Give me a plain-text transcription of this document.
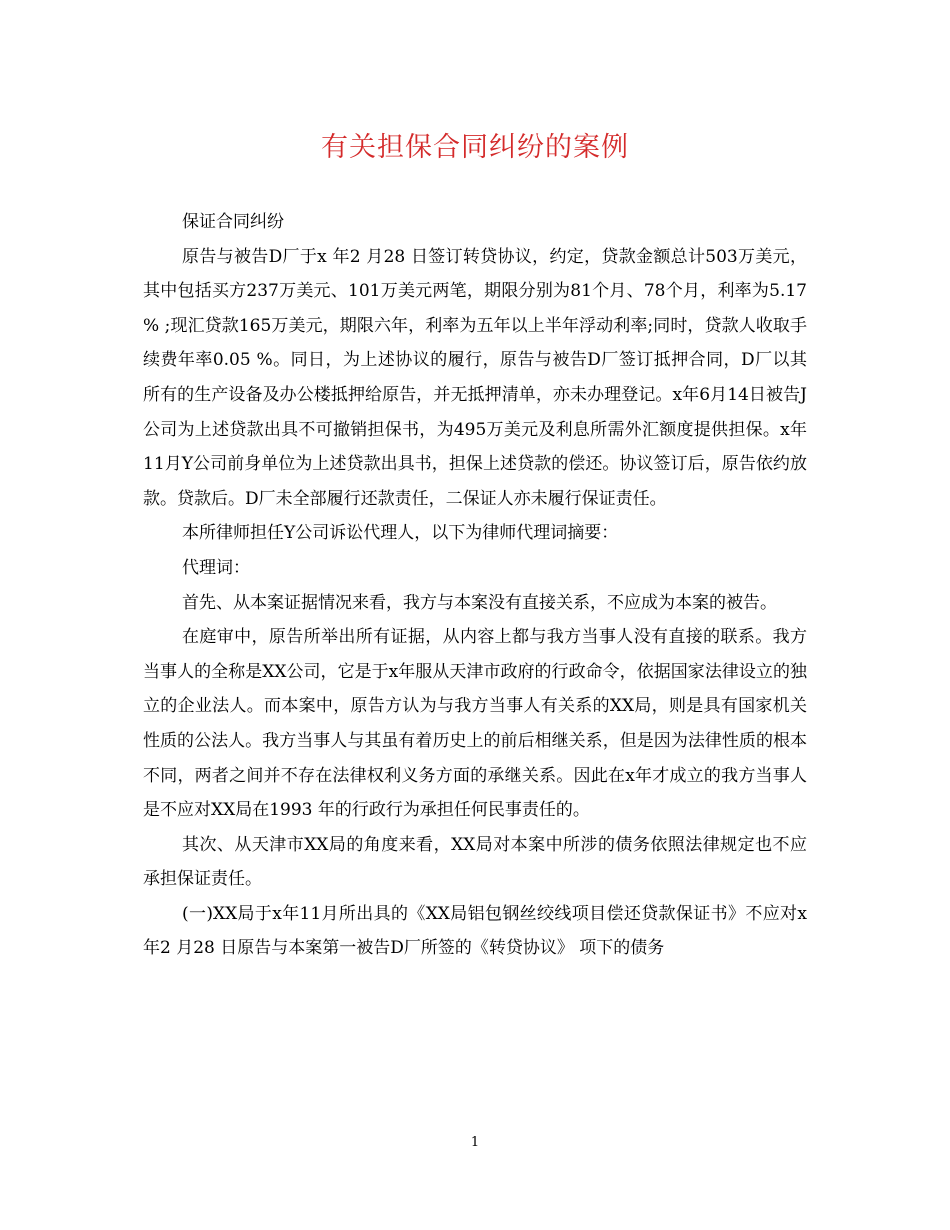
有关担保合同纠纷的案例

保证合同纠纷

原告与被告D厂于x 年2 月28 日签订转贷协议，约定，贷款金额总计503万美元，其中包括买方237万美元、101万美元两笔，期限分别为81个月、78个月，利率为5.17 % ;现汇贷款165万美元，期限六年，利率为五年以上半年浮动利率;同时，贷款人收取手续费年率0.05 %。同日，为上述协议的履行，原告与被告D厂签订抵押合同，D厂以其所有的生产设备及办公楼抵押给原告，并无抵押清单，亦未办理登记。x年6月14日被告J公司为上述贷款出具不可撤销担保书，为495万美元及利息所需外汇额度提供担保。x年11月Y公司前身单位为上述贷款出具书，担保上述贷款的偿还。协议签订后，原告依约放款。贷款后。D厂未全部履行还款责任，二保证人亦未履行保证责任。

本所律师担任Y公司诉讼代理人，以下为律师代理词摘要：

代理词：

首先、从本案证据情况来看，我方与本案没有直接关系，不应成为本案的被告。

在庭审中，原告所举出所有证据，从内容上都与我方当事人没有直接的联系。我方当事人的全称是XX公司，它是于x年服从天津市政府的行政命令，依据国家法律设立的独立的企业法人。而本案中，原告方认为与我方当事人有关系的XX局，则是具有国家机关性质的公法人。我方当事人与其虽有着历史上的前后相继关系，但是因为法律性质的根本不同，两者之间并不存在法律权利义务方面的承继关系。因此在x年才成立的我方当事人是不应对XX局在1993 年的行政行为承担任何民事责任的。

其次、从天津市XX局的角度来看，XX局对本案中所涉的债务依照法律规定也不应承担保证责任。

(一)XX局于x年11月所出具的《XX局铝包钢丝绞线项目偿还贷款保证书》不应对x 年2 月28 日原告与本案第一被告D厂所签的《转贷协议》 项下的债务

1
